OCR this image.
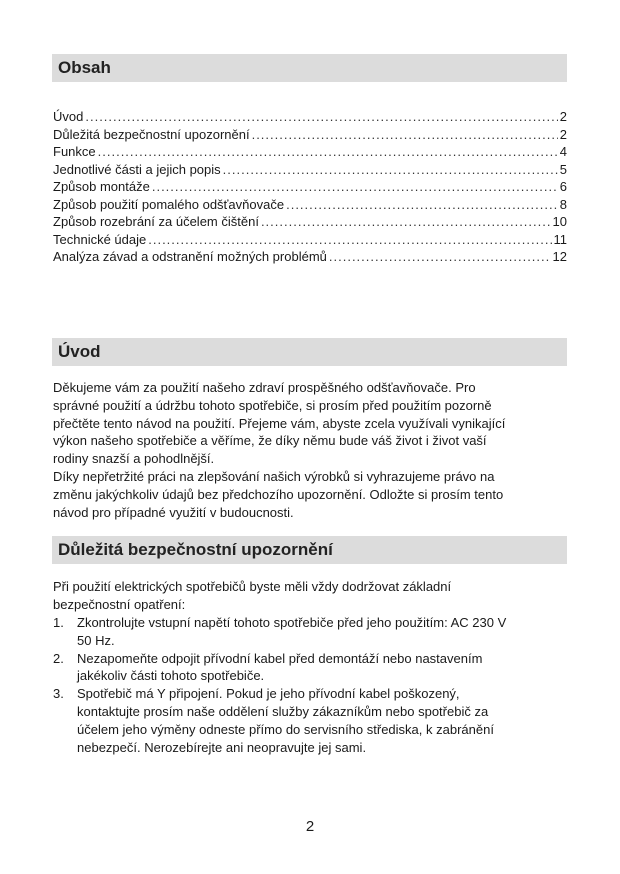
Obsah
Úvod .....	2
Důležitá bezpečnostní upozornění .....	2
Funkce .....	4
Jednotlivé části a jejich popis .....	5
Způsob montáže .....	6
Způsob použití pomalého odšťavňovače .....	8
Způsob rozebrání za účelem čištění .....	10
Technické údaje .....	11
Analýza závad a odstranění možných problémů .....	12
Úvod

Děkujeme vám za použití našeho zdraví prospěšného odšťavňovače. Pro

správné použití a údržbu tohoto spotřebiče, si prosím před použitím pozorně

přečtěte tento návod na použití. Přejeme vám, abyste zcela využívali vynikající

výkon našeho spotřebiče a věříme, že díky němu bude váš život i život vaší

rodiny snazší a pohodlnější.

Díky nepřetržité práci na zlepšování našich výrobků si vyhrazujeme právo na

změnu jakýchkoliv údajů bez předchozího upozornění. Odložte si prosím tento

návod pro případné využití v budoucnosti.

Důležitá bezpečnostní upozornění

Při použití elektrických spotřebičů byste měli vždy dodržovat základní

bezpečnostní opatření:

1.	Zkontrolujte vstupní napětí tohoto spotřebiče před jeho použitím: AC 230 V
50 Hz.
2.	Nezapomeňte odpojit přívodní kabel před demontáží nebo nastavením
jakékoliv části tohoto spotřebiče.
3.	Spotřebič má Y připojení. Pokud je jeho přívodní kabel poškozený,
kontaktujte prosím naše oddělení služby zákazníkům nebo spotřebič za
účelem jeho výměny odneste přímo do servisního střediska, k zabránění
nebezpečí. Nerozebírejte ani neopravujte jej sami.
2
